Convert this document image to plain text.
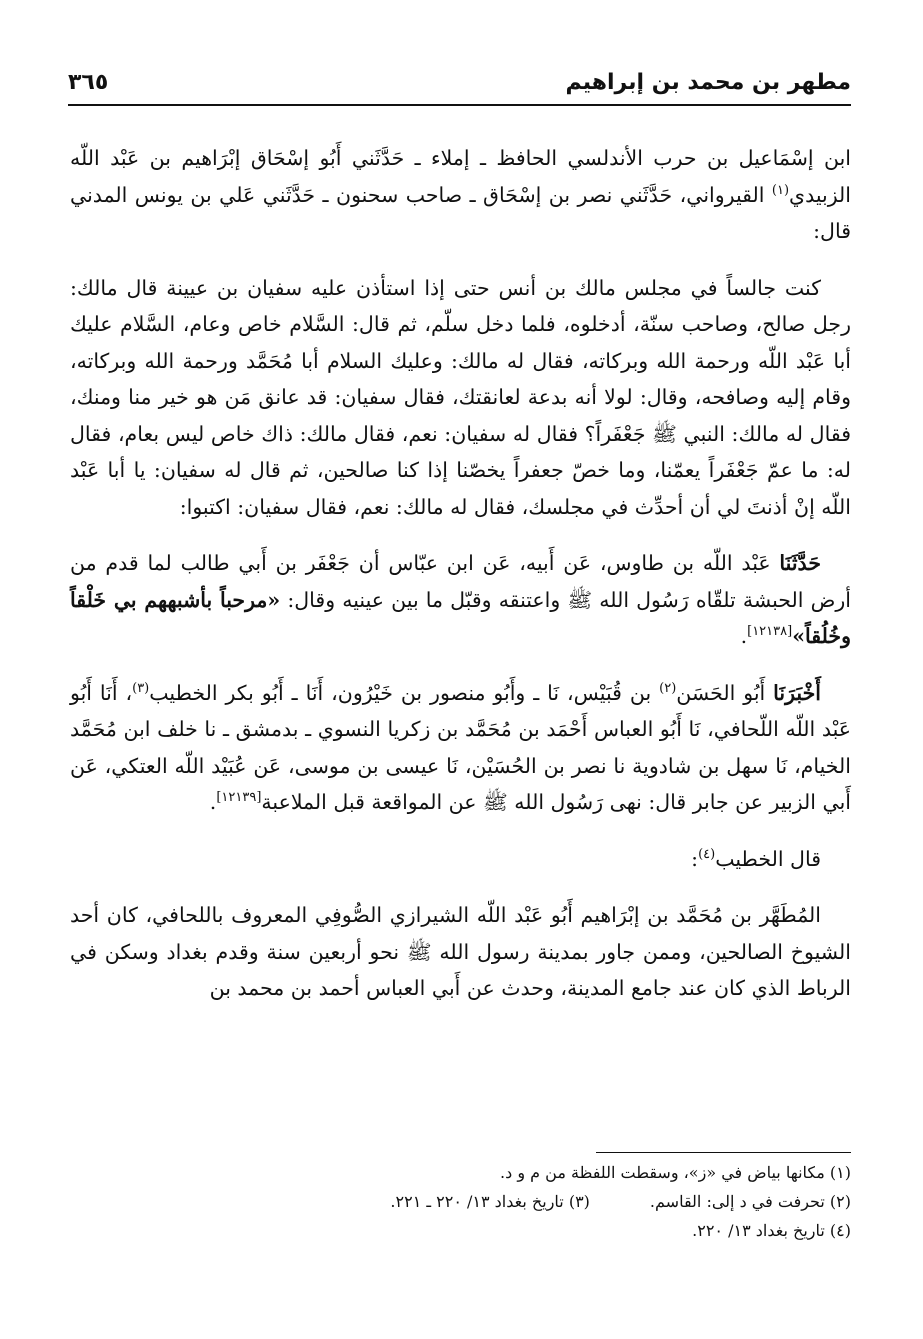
مطهر بن محمد بن إبراهيم
٣٦٥

ابن إسْمَاعيل بن حرب الأندلسي الحافظ ـ إملاء ـ حَدَّثَني أَبُو إسْحَاق إبْرَاهيم بن عَبْد اللّه الزبيدي$^{(١)}$ القيرواني، حَدَّثَني نصر بن إسْحَاق ـ صاحب سحنون ـ حَدَّثَني عَلي بن يونس المدني قال:

كنت جالساً في مجلس مالك بن أنس حتى إذا استأذن عليه سفيان بن عيينة قال مالك: رجل صالح، وصاحب سنّة، أدخلوه، فلما دخل سلّم، ثم قال: السَّلام خاص وعام، السَّلام عليك أبا عَبْد اللّه ورحمة الله وبركاته، فقال له مالك: وعليك السلام أبا مُحَمَّد ورحمة الله وبركاته، وقام إليه وصافحه، وقال: لولا أنه بدعة لعانقتك، فقال سفيان: قد عانق مَن هو خير منا ومنك، فقال له مالك: النبي ﷺ جَعْفَراً؟ فقال له سفيان: نعم، فقال مالك: ذاك خاص ليس بعام، فقال له: ما عمّ جَعْفَراً يعمّنا، وما خصّ جعفراً يخصّنا إذا كنا صالحين، ثم قال له سفيان: يا أبا عَبْد اللّه إنْ أذنتَ لي أن أحدِّث في مجلسك، فقال له مالك: نعم، فقال سفيان: اكتبوا:

حَدَّثَنَا عَبْد اللّه بن طاوس، عَن أَبيه، عَن ابن عبّاس أن جَعْفَر بن أَبي طالب لما قدم من أرض الحبشة تلقّاه رَسُول الله ﷺ واعتنقه وقبّل ما بين عينيه وقال: «مرحباً بأشبههم بي خَلْقاً وخُلُقاً»[١٢١٣٨].

أَخْبَرَنَا أَبُو الحَسَن$^{(٢)}$ بن قُبَيْس، نَا ـ وأَبُو منصور بن خَيْرُون، أَنَا ـ أَبُو بكر الخطيب$^{(٣)}$، أَنَا أَبُو عَبْد اللّه اللّحافي، نَا أَبُو العباس أَحْمَد بن مُحَمَّد بن زكريا النسوي ـ بدمشق ـ نا خلف ابن مُحَمَّد الخيام، نَا سهل بن شادوية نا نصر بن الحُسَيْن، نَا عيسى بن موسى، عَن عُبَيْد اللّه العتكي، عَن أَبي الزبير عن جابر قال: نهى رَسُول الله ﷺ عن المواقعة قبل الملاعبة[١٢١٣٩].

قال الخطيب$^{(٤)}$:

المُطَهَّر بن مُحَمَّد بن إبْرَاهيم أَبُو عَبْد اللّه الشيرازي الصُّوفِي المعروف باللحافي، كان أحد الشيوخ الصالحين، وممن جاور بمدينة رسول الله ﷺ نحو أربعين سنة وقدم بغداد وسكن في الرباط الذي كان عند جامع المدينة، وحدث عن أَبي العباس أحمد بن محمد بن

(١) مكانها بياض في «ز»، وسقطت اللفظة من م و د.
(٢) تحرفت في د إلى: القاسم.(٣) تاريخ بغداد ١٣/ ٢٢٠ ـ ٢٢١.
(٤) تاريخ بغداد ١٣/ ٢٢٠.
